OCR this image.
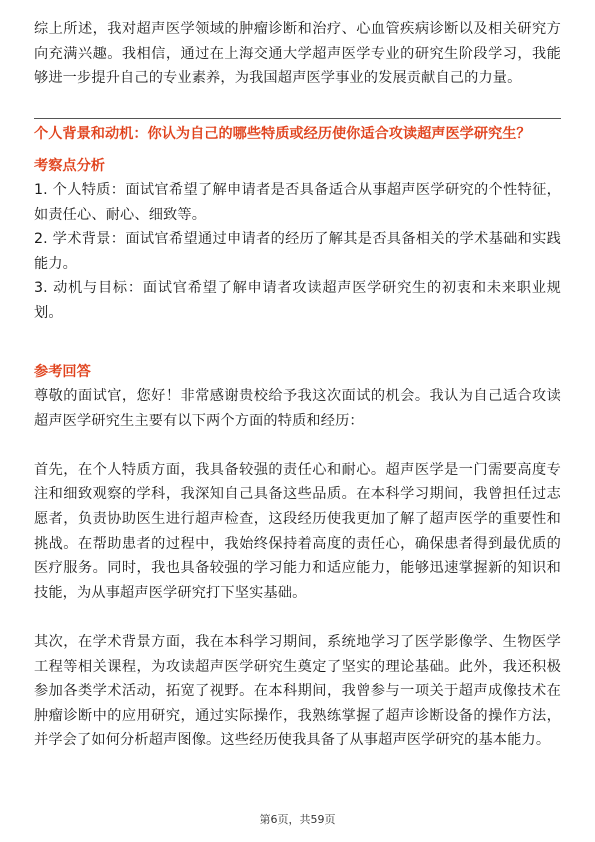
综上所述，我对超声医学领域的肿瘤诊断和治疗、心血管疾病诊断以及相关研究方向充满兴趣。我相信，通过在上海交通大学超声医学专业的研究生阶段学习，我能够进一步提升自己的专业素养，为我国超声医学事业的发展贡献自己的力量。

个人背景和动机：你认为自己的哪些特质或经历使你适合攻读超声医学研究生？

考察点分析

1. 个人特质：面试官希望了解申请者是否具备适合从事超声医学研究的个性特征，如责任心、耐心、细致等。

2. 学术背景：面试官希望通过申请者的经历了解其是否具备相关的学术基础和实践能力。

3. 动机与目标：面试官希望了解申请者攻读超声医学研究生的初衷和未来职业规划。

参考回答

尊敬的面试官，您好！非常感谢贵校给予我这次面试的机会。我认为自己适合攻读超声医学研究生主要有以下两个方面的特质和经历：

首先，在个人特质方面，我具备较强的责任心和耐心。超声医学是一门需要高度专注和细致观察的学科，我深知自己具备这些品质。在本科学习期间，我曾担任过志愿者，负责协助医生进行超声检查，这段经历使我更加了解了超声医学的重要性和挑战。在帮助患者的过程中，我始终保持着高度的责任心，确保患者得到最优质的医疗服务。同时，我也具备较强的学习能力和适应能力，能够迅速掌握新的知识和技能，为从事超声医学研究打下坚实基础。

其次，在学术背景方面，我在本科学习期间，系统地学习了医学影像学、生物医学工程等相关课程，为攻读超声医学研究生奠定了坚实的理论基础。此外，我还积极参加各类学术活动，拓宽了视野。在本科期间，我曾参与一项关于超声成像技术在肿瘤诊断中的应用研究，通过实际操作，我熟练掌握了超声诊断设备的操作方法，并学会了如何分析超声图像。这些经历使我具备了从事超声医学研究的基本能力。

第6页，共59页
